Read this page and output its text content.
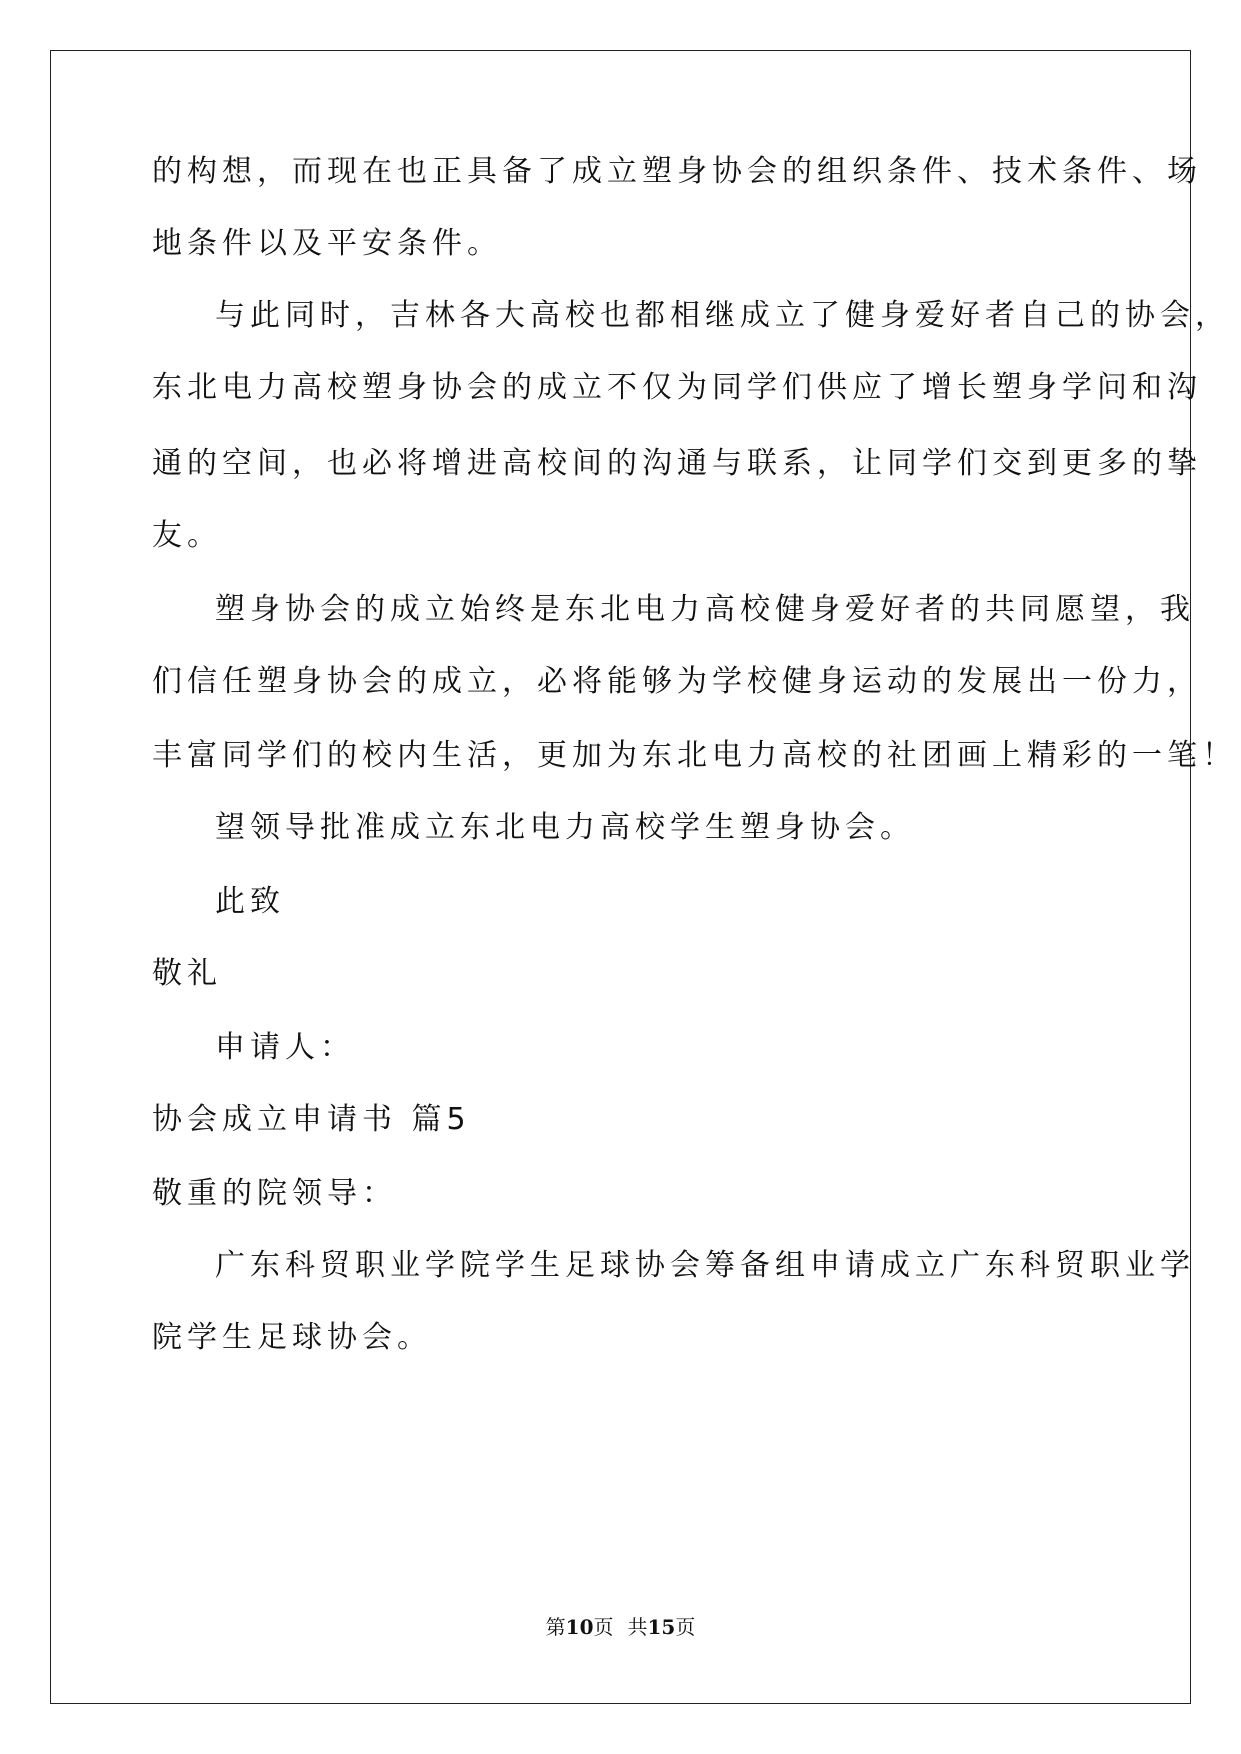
的构想，而现在也正具备了成立塑身协会的组织条件、技术条件、场
地条件以及平安条件。
与此同时，吉林各大高校也都相继成立了健身爱好者自己的协会，
东北电力高校塑身协会的成立不仅为同学们供应了增长塑身学问和沟
通的空间，也必将增进高校间的沟通与联系，让同学们交到更多的挚
友。
塑身协会的成立始终是东北电力高校健身爱好者的共同愿望，我
们信任塑身协会的成立，必将能够为学校健身运动的发展出一份力，
丰富同学们的校内生活，更加为东北电力高校的社团画上精彩的一笔！
望领导批准成立东北电力高校学生塑身协会。
此致
敬礼
申请人：
协会成立申请书 篇5
敬重的院领导：
广东科贸职业学院学生足球协会筹备组申请成立广东科贸职业学
院学生足球协会。
第10页 共15页
